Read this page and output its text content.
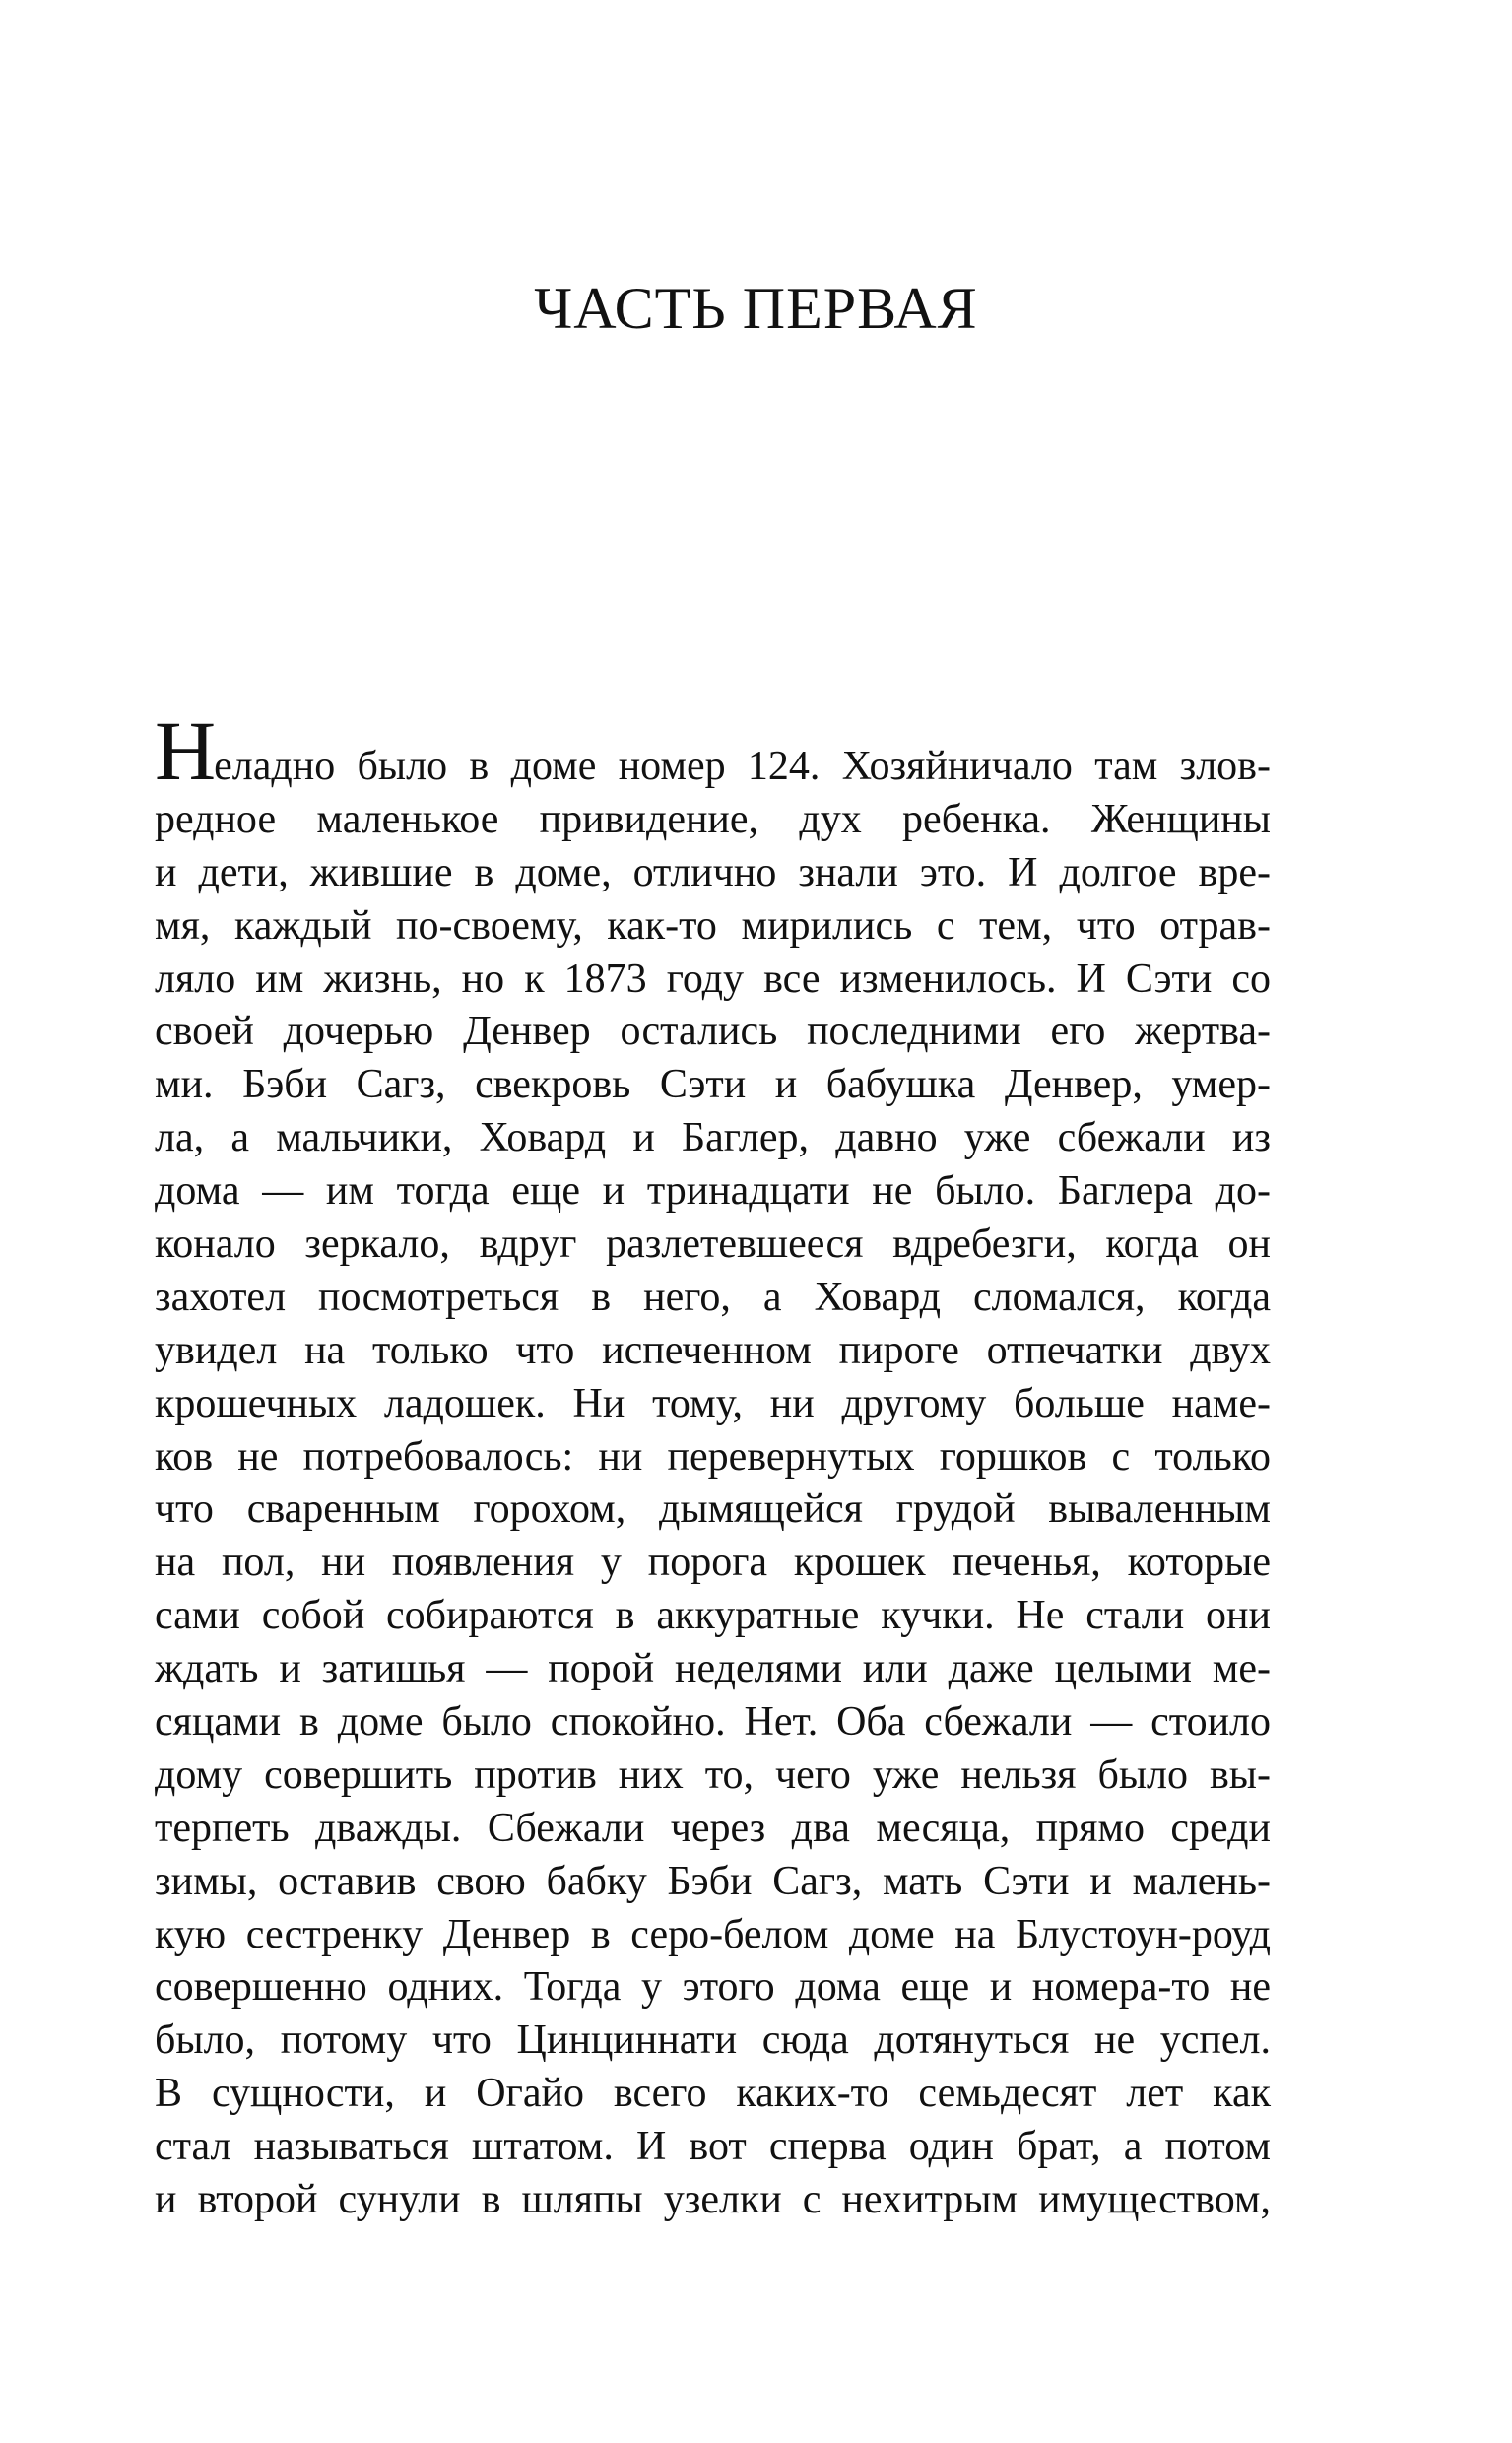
ЧАСТЬ ПЕРВАЯ
Неладно было в доме номер 124. Хозяйничало там злов-
редное маленькое привидение, дух ребенка. Женщины
и дети, жившие в доме, отлично знали это. И долгое вре-
мя, каждый по-своему, как-то мирились с тем, что отрав-
ляло им жизнь, но к 1873 году все изменилось. И Сэти со
своей дочерью Денвер остались последними его жертва-
ми. Бэби Сагз, свекровь Сэти и бабушка Денвер, умер-
ла, а мальчики, Ховард и Баглер, давно уже сбежали из
дома — им тогда еще и тринадцати не было. Баглера до-
конало зеркало, вдруг разлетевшееся вдребезги, когда он
захотел посмотреться в него, а Ховард сломался, когда
увидел на только что испеченном пироге отпечатки двух
крошечных ладошек. Ни тому, ни другому больше наме-
ков не потребовалось: ни перевернутых горшков с только
что сваренным горохом, дымящейся грудой вываленным
на пол, ни появления у порога крошек печенья, которые
сами собой собираются в аккуратные кучки. Не стали они
ждать и затишья — порой неделями или даже целыми ме-
сяцами в доме было спокойно. Нет. Оба сбежали — стоило
дому совершить против них то, чего уже нельзя было вы-
терпеть дважды. Сбежали через два месяца, прямо среди
зимы, оставив свою бабку Бэби Сагз, мать Сэти и малень-
кую сестренку Денвер в серо-белом доме на Блустоун-роуд
совершенно одних. Тогда у этого дома еще и номера-то не
было, потому что Цинциннати сюда дотянуться не успел.
В сущности, и Огайо всего каких-то семьдесят лет как
стал называться штатом. И вот сперва один брат, а потом
и второй сунули в шляпы узелки с нехитрым имуществом,
